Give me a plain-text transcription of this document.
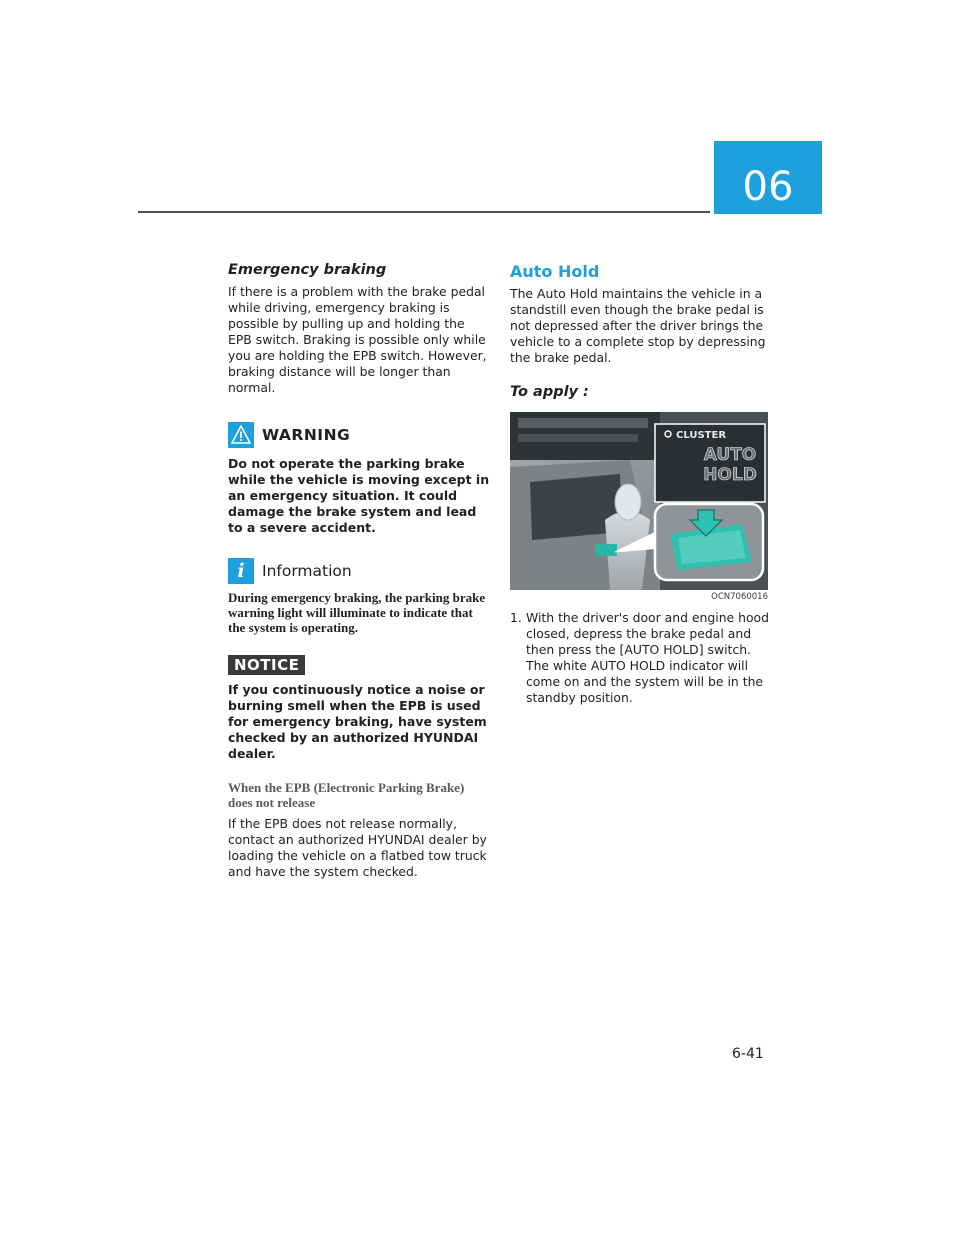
06
Emergency braking

If there is a problem with the brake pedal while driving, emergency braking is possible by pulling up and holding the EPB switch. Braking is possible only while you are holding the EPB switch. However, braking distance will be longer than normal.

WARNING

Do not operate the parking brake while the vehicle is moving except in an emergency situation. It could damage the brake system and lead to a severe accident.

i	Information

During emergency braking, the parking brake warning light will illuminate to indicate that the system is operating.

NOTICE

If you continuously notice a noise or burning smell when the EPB is used for emergency braking, have system checked by an authorized HYUNDAI dealer.

When the EPB (Electronic Parking Brake) does not release

If the EPB does not release normally, contact an authorized HYUNDAI dealer by loading the vehicle on a flatbed tow truck and have the system checked.

Auto Hold

The Auto Hold maintains the vehicle in a standstill even though the brake pedal is not depressed after the driver brings the vehicle to a complete stop by depressing the brake pedal.

To apply :
CLUSTER
AUTO
HOLD
OCN7060016
1. With the driver's door and engine hood closed, depress the brake pedal and then press the [AUTO HOLD] switch. The white AUTO HOLD indicator will come on and the system will be in the standby position.
6-41
